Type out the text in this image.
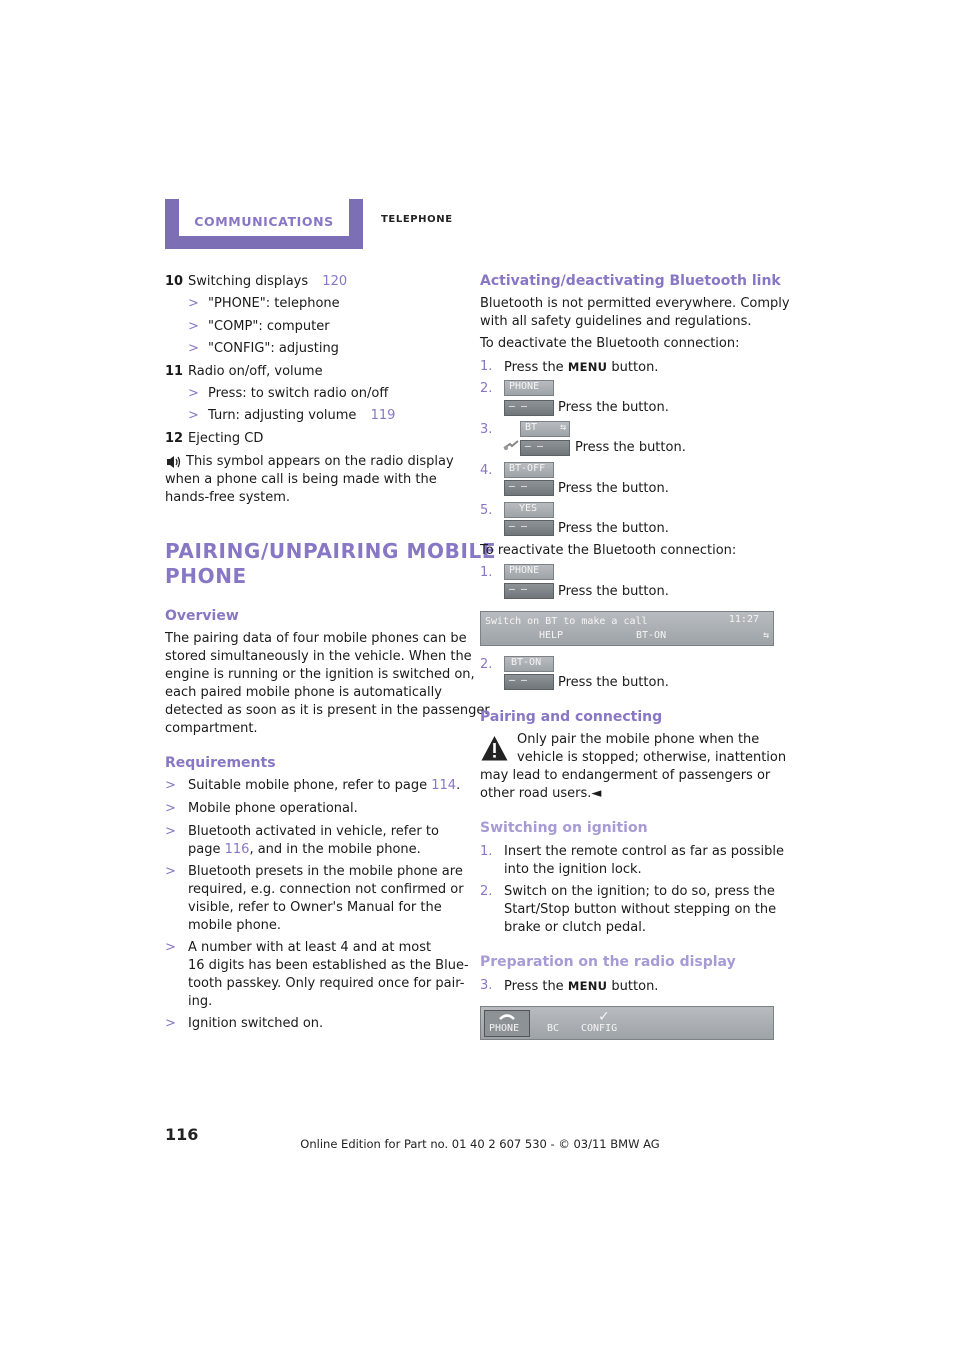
COMMUNICATIONS	TELEPHONE
10 Switching displays 120
> "PHONE": telephone
> "COMP": computer
> "CONFIG": adjusting
11 Radio on/off, volume
> Press: to switch radio on/off
> Turn: adjusting volume 119
12 Ejecting CD
This symbol appears on the radio display
when a phone call is being made with the
hands-free system.
PAIRING/UNPAIRING MOBILE
PHONE
Overview
The pairing data of four mobile phones can be
stored simultaneously in the vehicle. When the
engine is running or the ignition is switched on,
each paired mobile phone is automatically
detected as soon as it is present in the passenger
compartment.
Requirements
> Suitable mobile phone, refer to page 114.
> Mobile phone operational.
> Bluetooth activated in vehicle, refer to
page 116, and in the mobile phone.
> Bluetooth presets in the mobile phone are
required, e.g. connection not confirmed or
visible, refer to Owner's Manual for the
mobile phone.
> A number with at least 4 and at most
16 digits has been established as the Blue-
tooth passkey. Only required once for pair-
ing.
> Ignition switched on.
Activating/deactivating Bluetooth link
Bluetooth is not permitted everywhere. Comply
with all safety guidelines and regulations.
To deactivate the Bluetooth connection:
1. Press the MENU button.
2. PHONE
– – Press the button.
3.	BT ⇆
– – Press the button.
4. BT-OFF
– – Press the button.
5.	YES
– – Press the button.
To reactivate the Bluetooth connection:
1. PHONE
– – Press the button.
Switch on BT to make a call	11:27
HELP	BT-ON	⇆
2. BT-ON
– – Press the button.
Pairing and connecting
Only pair the mobile phone when the
vehicle is stopped; otherwise, inattention
may lead to endangerment of passengers or
other road users.◄
Switching on ignition
1. Insert the remote control as far as possible
into the ignition lock.
2. Switch on the ignition; to do so, press the
Start/Stop button without stepping on the
brake or clutch pedal.
Preparation on the radio display
3. Press the MENU button.
PHONE	BC
✓
CONFIG
116	Online Edition for Part no. 01 40 2 607 530 - © 03/11 BMW AG
